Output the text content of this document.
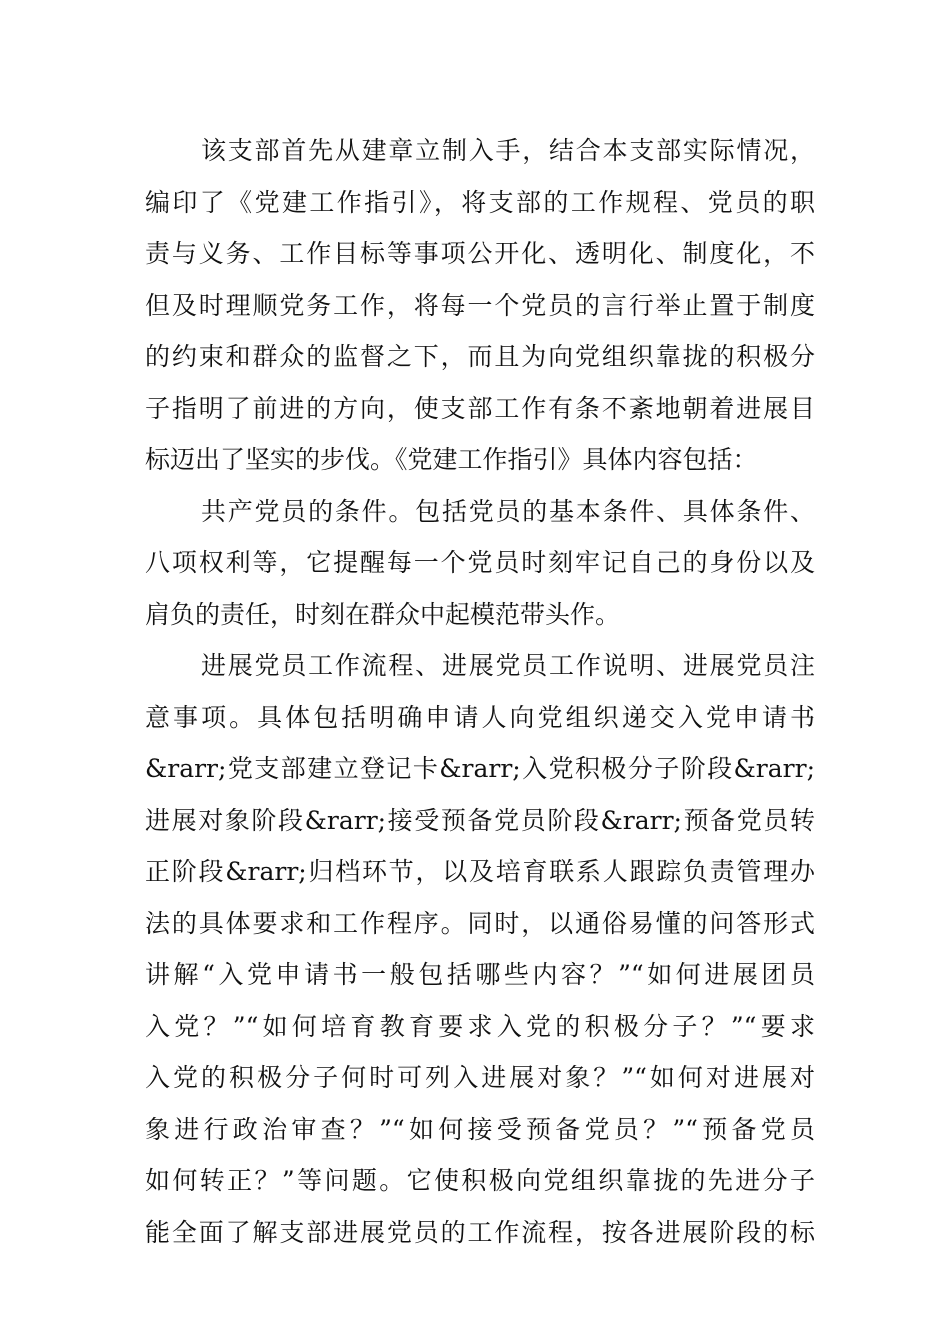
该支部首先从建章立制入手，结合本支部实际情况，
编印了《党建工作指引》，将支部的工作规程、党员的职
责与义务、工作目标等事项公开化、透明化、制度化，不
但及时理顺党务工作，将每一个党员的言行举止置于制度
的约束和群众的监督之下，而且为向党组织靠拢的积极分
子指明了前进的方向，使支部工作有条不紊地朝着进展目
标迈出了坚实的步伐。《党建工作指引》具体内容包括：

共产党员的条件。包括党员的基本条件、具体条件、
八项权利等，它提醒每一个党员时刻牢记自己的身份以及
肩负的责任，时刻在群众中起模范带头作。

进展党员工作流程、进展党员工作说明、进展党员注
意事项。具体包括明确申请人向党组织递交入党申请书
&rarr;党支部建立登记卡&rarr;入党积极分子阶段&rarr;
进展对象阶段&rarr;接受预备党员阶段&rarr;预备党员转
正阶段&rarr;归档环节，以及培育联系人跟踪负责管理办
法的具体要求和工作程序。同时，以通俗易懂的问答形式
讲解“入党申请书一般包括哪些内容？”“如何进展团员
入党？”“如何培育教育要求入党的积极分子？”“要求
入党的积极分子何时可列入进展对象？”“如何对进展对
象进行政治审查？”“如何接受预备党员？”“预备党员
如何转正？”等问题。它使积极向党组织靠拢的先进分子
能全面了解支部进展党员的工作流程，按各进展阶段的标
